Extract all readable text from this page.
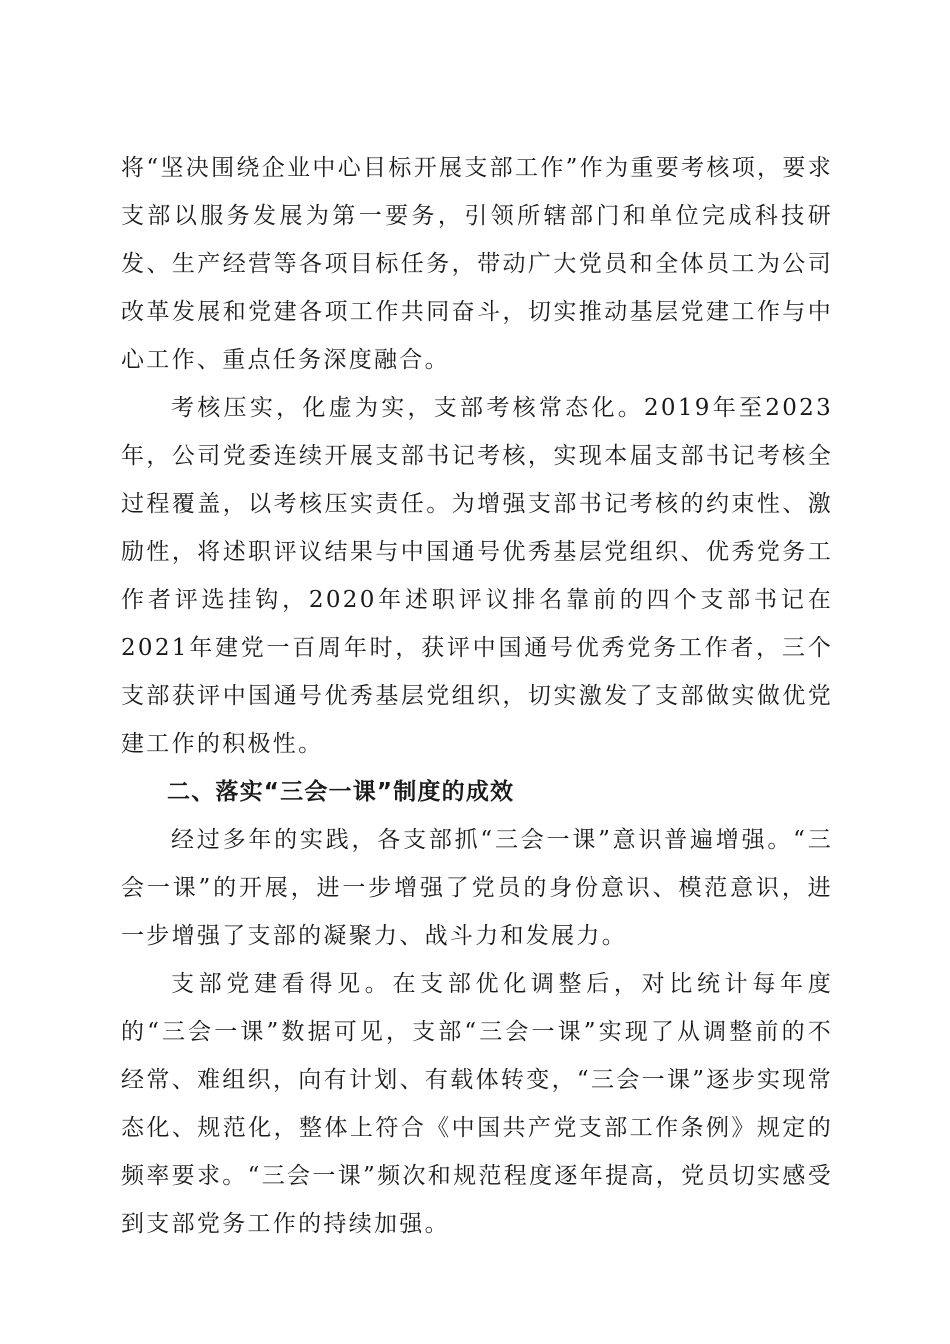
将“坚决围绕企业中心目标开展支部工作”作为重要考核项，要求支部以服务发展为第一要务，引领所辖部门和单位完成科技研发、生产经营等各项目标任务，带动广大党员和全体员工为公司改革发展和党建各项工作共同奋斗，切实推动基层党建工作与中心工作、重点任务深度融合。

考核压实，化虚为实，支部考核常态化。2019年至2023年，公司党委连续开展支部书记考核，实现本届支部书记考核全过程覆盖，以考核压实责任。为增强支部书记考核的约束性、激励性，将述职评议结果与中国通号优秀基层党组织、优秀党务工作者评选挂钩，2020年述职评议排名靠前的四个支部书记在2021年建党一百周年时，获评中国通号优秀党务工作者，三个支部获评中国通号优秀基层党组织，切实激发了支部做实做优党建工作的积极性。

二、落实“三会一课”制度的成效

经过多年的实践，各支部抓“三会一课”意识普遍增强。“三会一课”的开展，进一步增强了党员的身份意识、模范意识，进一步增强了支部的凝聚力、战斗力和发展力。

支部党建看得见。在支部优化调整后，对比统计每年度的“三会一课”数据可见，支部“三会一课”实现了从调整前的不经常、难组织，向有计划、有载体转变，“三会一课”逐步实现常态化、规范化，整体上符合《中国共产党支部工作条例》规定的频率要求。“三会一课”频次和规范程度逐年提高，党员切实感受到支部党务工作的持续加强。
